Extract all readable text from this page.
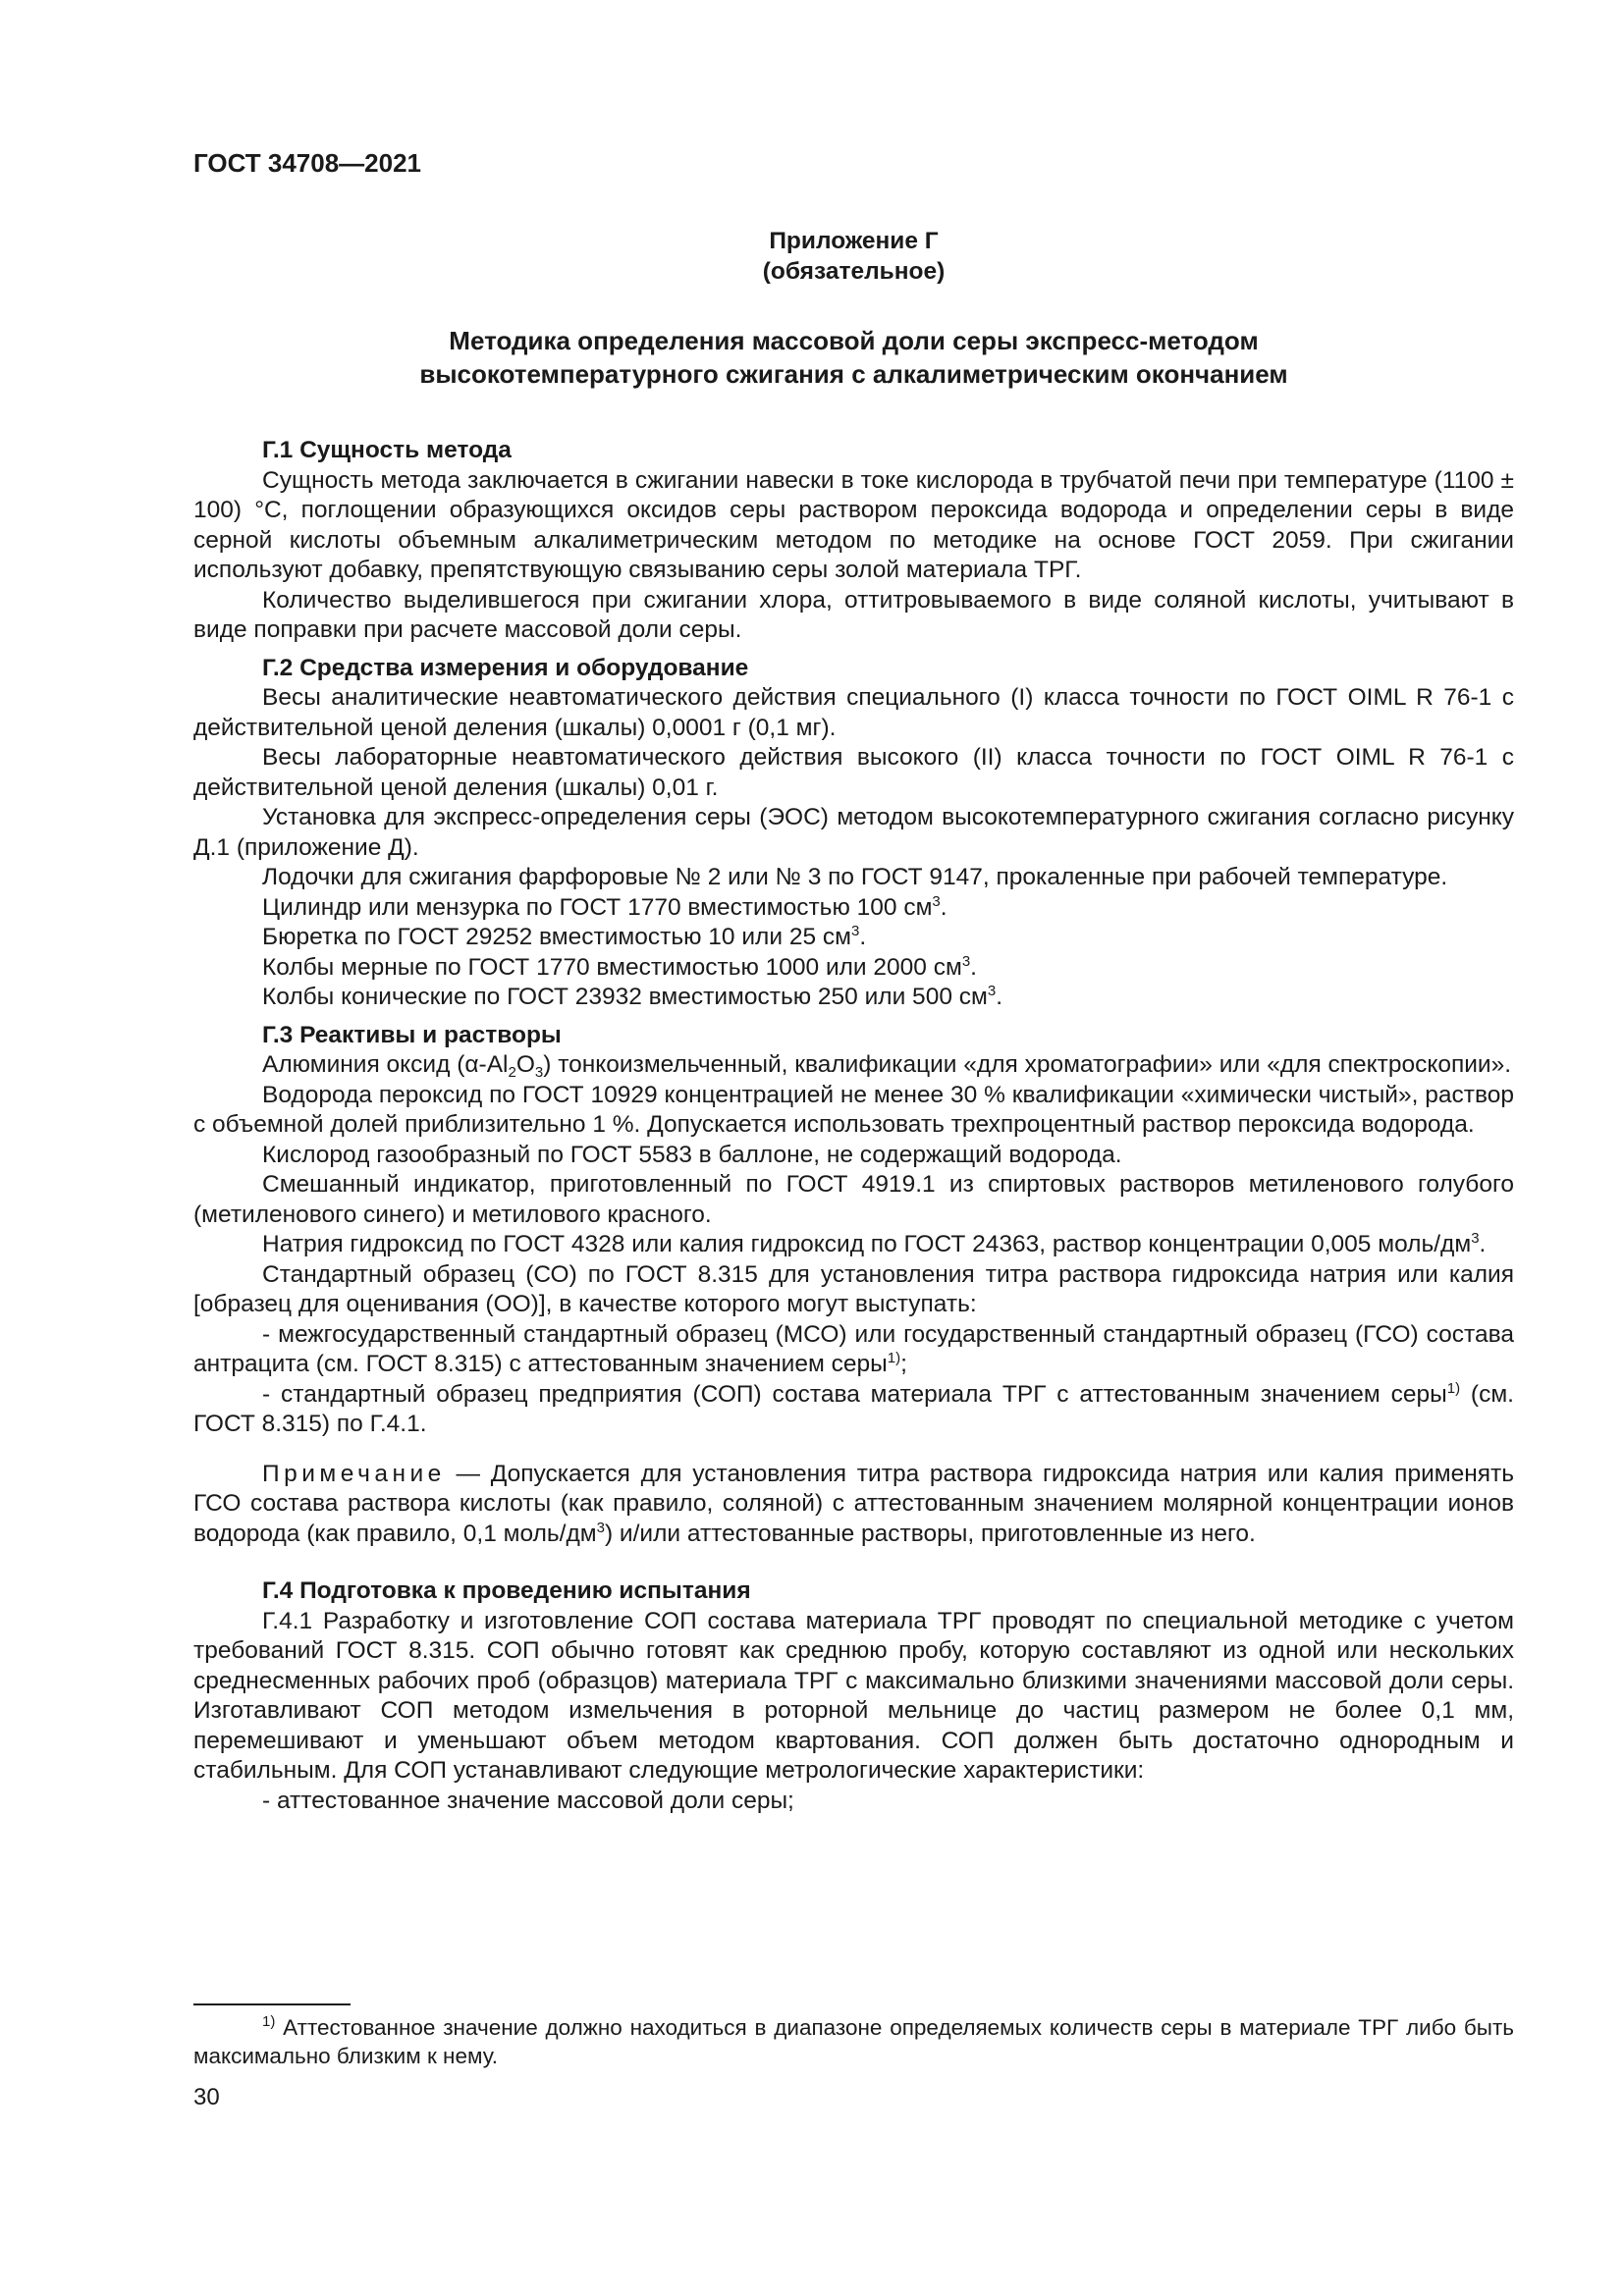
ГОСТ 34708—2021

Приложение Г

(обязательное)

Методика определения массовой доли серы экспресс-методом
высокотемпературного сжигания с алкалиметрическим окончанием

Г.1 Сущность метода

Сущность метода заключается в сжигании навески в токе кислорода в трубчатой печи при температуре (1100 ± 100) °С, поглощении образующихся оксидов серы раствором пероксида водорода и определении серы в виде серной кислоты объемным алкалиметрическим методом по методике на основе ГОСТ 2059. При сжигании используют добавку, препятствующую связыванию серы золой материала ТРГ.

Количество выделившегося при сжигании хлора, оттитровываемого в виде соляной кислоты, учитывают в виде поправки при расчете массовой доли серы.

Г.2 Средства измерения и оборудование

Весы аналитические неавтоматического действия специального (I) класса точности по ГОСТ OIML R 76-1 с действительной ценой деления (шкалы) 0,0001 г (0,1 мг).

Весы лабораторные неавтоматического действия высокого (II) класса точности по ГОСТ OIML R 76-1 с действительной ценой деления (шкалы) 0,01 г.

Установка для экспресс-определения серы (ЭОС) методом высокотемпературного сжигания согласно рисунку Д.1 (приложение Д).

Лодочки для сжигания фарфоровые № 2 или № 3 по ГОСТ 9147, прокаленные при рабочей температуре.

Цилиндр или мензурка по ГОСТ 1770 вместимостью 100 $см^3$.

Бюретка по ГОСТ 29252 вместимостью 10 или 25 $см^3$.

Колбы мерные по ГОСТ 1770 вместимостью 1000 или 2000 $см^3$.

Колбы конические по ГОСТ 23932 вместимостью 250 или 500 $см^3$.

Г.3 Реактивы и растворы

Алюминия оксид $(\alpha-Al_2O_3)$ тонкоизмельченный, квалификации «для хроматографии» или «для спектроскопии».

Водорода пероксид по ГОСТ 10929 концентрацией не менее 30 % квалификации «химически чистый», раствор с объемной долей приблизительно 1 %. Допускается использовать трехпроцентный раствор пероксида водорода.

Кислород газообразный по ГОСТ 5583 в баллоне, не содержащий водорода.

Смешанный индикатор, приготовленный по ГОСТ 4919.1 из спиртовых растворов метиленового голубого (метиленового синего) и метилового красного.

Натрия гидроксид по ГОСТ 4328 или калия гидроксид по ГОСТ 24363, раствор концентрации 0,005 моль/$дм^3$.

Стандартный образец (СО) по ГОСТ 8.315 для установления титра раствора гидроксида натрия или калия [образец для оценивания (ОО)], в качестве которого могут выступать:

- межгосударственный стандартный образец (МСО) или государственный стандартный образец (ГСО) состава антрацита (см. ГОСТ 8.315) с аттестованным значением серы$^{1)}$;

- стандартный образец предприятия (СОП) состава материала ТРГ с аттестованным значением серы$^{1)}$ (см. ГОСТ 8.315) по Г.4.1.

Примечание — Допускается для установления титра раствора гидроксида натрия или калия применять ГСО состава раствора кислоты (как правило, соляной) с аттестованным значением молярной концентрации ионов водорода (как правило, 0,1 моль/$дм^3$) и/или аттестованные растворы, приготовленные из него.

Г.4 Подготовка к проведению испытания

Г.4.1 Разработку и изготовление СОП состава материала ТРГ проводят по специальной методике с учетом требований ГОСТ 8.315. СОП обычно готовят как среднюю пробу, которую составляют из одной или нескольких среднесменных рабочих проб (образцов) материала ТРГ с максимально близкими значениями массовой доли серы. Изготавливают СОП методом измельчения в роторной мельнице до частиц размером не более 0,1 мм, перемешивают и уменьшают объем методом квартования. СОП должен быть достаточно однородным и стабильным. Для СОП устанавливают следующие метрологические характеристики:

- аттестованное значение массовой доли серы;

$^{1)}$ Аттестованное значение должно находиться в диапазоне определяемых количеств серы в материале ТРГ либо быть максимально близким к нему.

30
